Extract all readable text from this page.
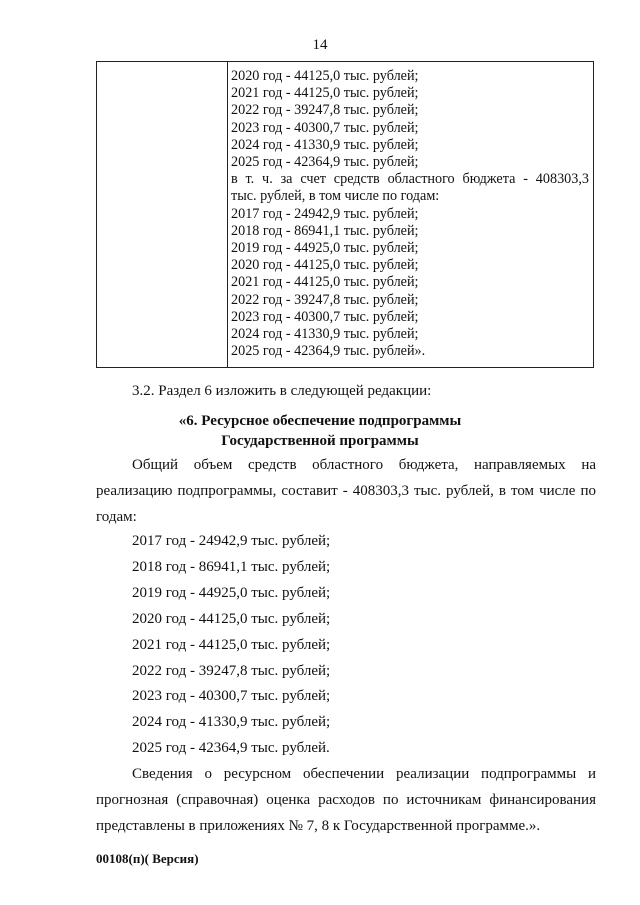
14
2020 год - 44125,0 тыс. рублей;
2021 год - 44125,0 тыс. рублей;
2022 год - 39247,8 тыс. рублей;
2023 год - 40300,7 тыс. рублей;
2024 год - 41330,9 тыс. рублей;
2025 год - 42364,9 тыс. рублей;
в т. ч. за счет средств областного бюджета - 408303,3
тыс. рублей, в том числе по годам:
2017 год - 24942,9 тыс. рублей;
2018 год - 86941,1 тыс. рублей;
2019 год - 44925,0 тыс. рублей;
2020 год - 44125,0 тыс. рублей;
2021 год - 44125,0 тыс. рублей;
2022 год - 39247,8 тыс. рублей;
2023 год - 40300,7 тыс. рублей;
2024 год - 41330,9 тыс. рублей;
2025 год - 42364,9 тыс. рублей».
3.2. Раздел 6 изложить в следующей редакции:
«6. Ресурсное обеспечение подпрограммы
Государственной программы
Общий объем средств областного бюджета, направляемых на
реализацию подпрограммы, составит - 408303,3 тыс. рублей, в том числе по
годам:
2017 год - 24942,9 тыс. рублей;
2018 год - 86941,1 тыс. рублей;
2019 год - 44925,0 тыс. рублей;
2020 год - 44125,0 тыс. рублей;
2021 год - 44125,0 тыс. рублей;
2022 год - 39247,8 тыс. рублей;
2023 год - 40300,7 тыс. рублей;
2024 год - 41330,9 тыс. рублей;
2025 год - 42364,9 тыс. рублей.
Сведения о ресурсном обеспечении реализации подпрограммы и
прогнозная (справочная) оценка расходов по источникам финансирования
представлены в приложениях № 7, 8 к Государственной программе.».
00108(п)( Версия)
